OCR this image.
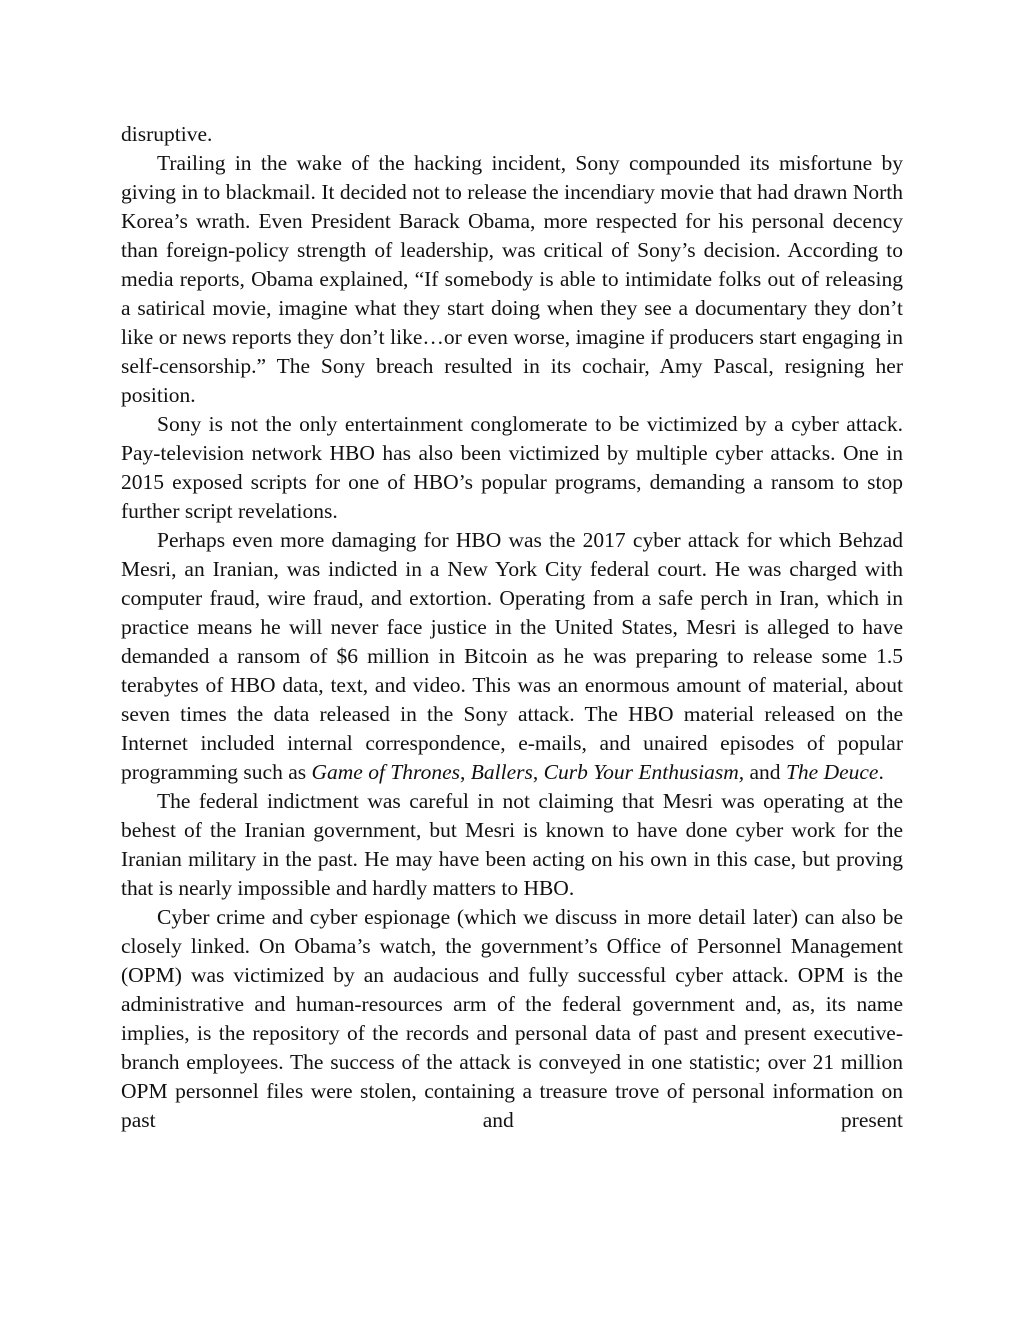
disruptive.

Trailing in the wake of the hacking incident, Sony compounded its misfortune by giving in to blackmail. It decided not to release the incendiary movie that had drawn North Korea’s wrath. Even President Barack Obama, more respected for his personal decency than foreign-policy strength of leadership, was critical of Sony’s decision. According to media reports, Obama explained, “If somebody is able to intimidate folks out of releasing a satirical movie, imagine what they start doing when they see a documentary they don’t like or news reports they don’t like…or even worse, imagine if producers start engaging in self-censorship.” The Sony breach resulted in its cochair, Amy Pascal, resigning her position.

Sony is not the only entertainment conglomerate to be victimized by a cyber attack. Pay-television network HBO has also been victimized by multiple cyber attacks. One in 2015 exposed scripts for one of HBO’s popular programs, demanding a ransom to stop further script revelations.

Perhaps even more damaging for HBO was the 2017 cyber attack for which Behzad Mesri, an Iranian, was indicted in a New York City federal court. He was charged with computer fraud, wire fraud, and extortion. Operating from a safe perch in Iran, which in practice means he will never face justice in the United States, Mesri is alleged to have demanded a ransom of $6 million in Bitcoin as he was preparing to release some 1.5 terabytes of HBO data, text, and video. This was an enormous amount of material, about seven times the data released in the Sony attack. The HBO material released on the Internet included internal correspondence, e-mails, and unaired episodes of popular programming such as Game of Thrones, Ballers, Curb Your Enthusiasm, and The Deuce.

The federal indictment was careful in not claiming that Mesri was operating at the behest of the Iranian government, but Mesri is known to have done cyber work for the Iranian military in the past. He may have been acting on his own in this case, but proving that is nearly impossible and hardly matters to HBO.

Cyber crime and cyber espionage (which we discuss in more detail later) can also be closely linked. On Obama’s watch, the government’s Office of Personnel Management (OPM) was victimized by an audacious and fully successful cyber attack. OPM is the administrative and human-resources arm of the federal government and, as, its name implies, is the repository of the records and personal data of past and present executive-branch employees. The success of the attack is conveyed in one statistic; over 21 million OPM personnel files were stolen, containing a treasure trove of personal information on past and present
